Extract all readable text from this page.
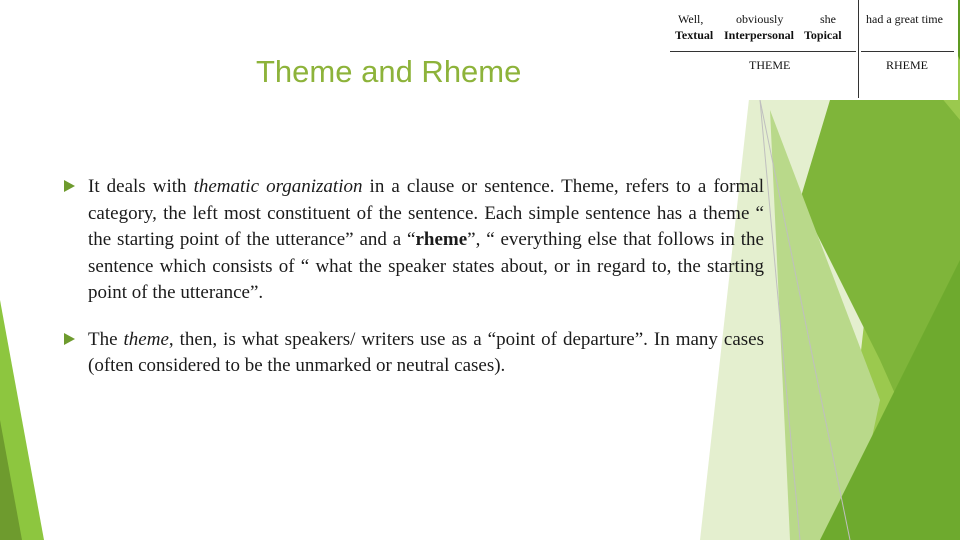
Theme and Rheme
Well,	obviously	she	had a great time
Textual Interpersonal Topical
THEME	RHEME
It deals with thematic organization in a clause or sentence. Theme, refers to a formal category, the left most constituent of the sentence. Each simple sentence has a theme “ the starting point of the utterance” and a “rheme”, “ everything else that follows in the sentence which consists of “ what the speaker states about, or in regard to, the starting point of the utterance”.
The theme, then, is what speakers/ writers use as a “point of departure”. In many cases (often considered to be the unmarked or neutral cases).
